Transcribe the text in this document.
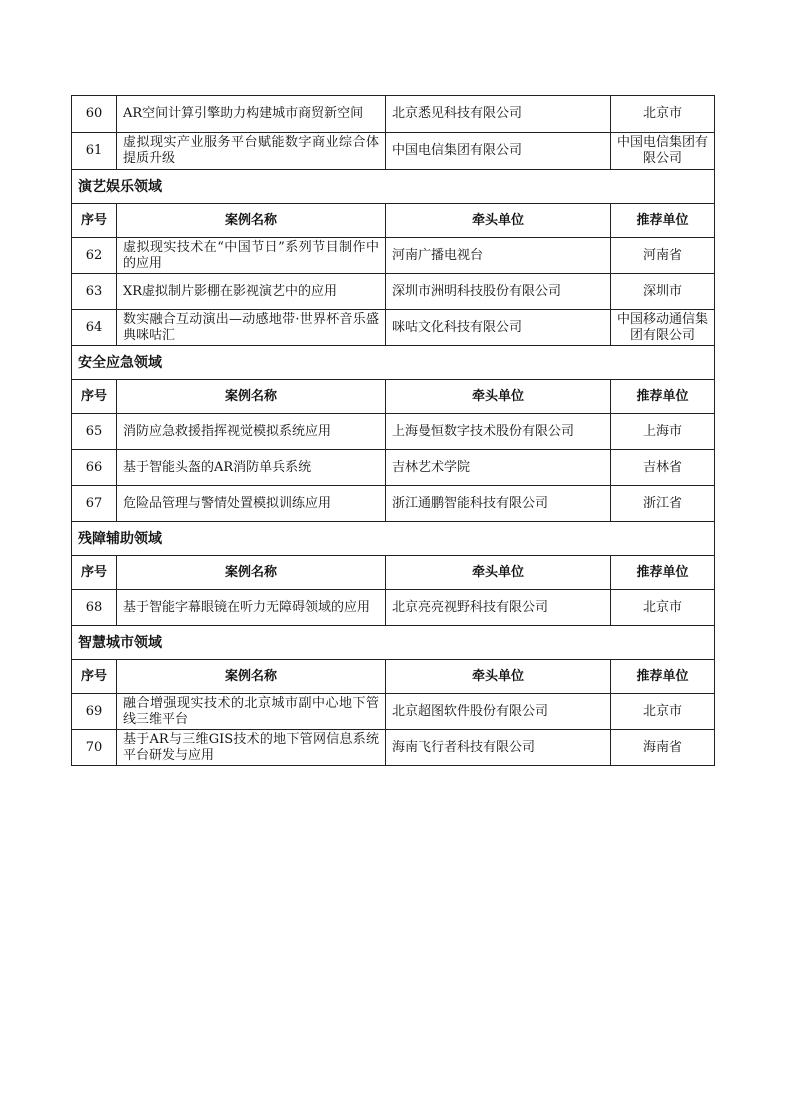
60	AR空间计算引擎助力构建城市商贸新空间	北京悉见科技有限公司	北京市
61	虚拟现实产业服务平台赋能数字商业综合体提质升级	中国电信集团有限公司	中国电信集团有限公司
演艺娱乐领域			
序号	案例名称	牵头单位	推荐单位
62	虚拟现实技术在“中国节日”系列节目制作中的应用	河南广播电视台	河南省
63	XR虚拟制片影棚在影视演艺中的应用	深圳市洲明科技股份有限公司	深圳市
64	数实融合互动演出—动感地带·世界杯音乐盛典咪咕汇	咪咕文化科技有限公司	中国移动通信集团有限公司
安全应急领域			
序号	案例名称	牵头单位	推荐单位
65	消防应急救援指挥视觉模拟系统应用	上海曼恒数字技术股份有限公司	上海市
66	基于智能头盔的AR消防单兵系统	吉林艺术学院	吉林省
67	危险品管理与警情处置模拟训练应用	浙江通鹏智能科技有限公司	浙江省
残障辅助领域			
序号	案例名称	牵头单位	推荐单位
68	基于智能字幕眼镜在听力无障碍领域的应用	北京亮亮视野科技有限公司	北京市
智慧城市领域			
序号	案例名称	牵头单位	推荐单位
69	融合增强现实技术的北京城市副中心地下管线三维平台	北京超图软件股份有限公司	北京市
70	基于AR与三维GIS技术的地下管网信息系统平台研发与应用	海南飞行者科技有限公司	海南省
